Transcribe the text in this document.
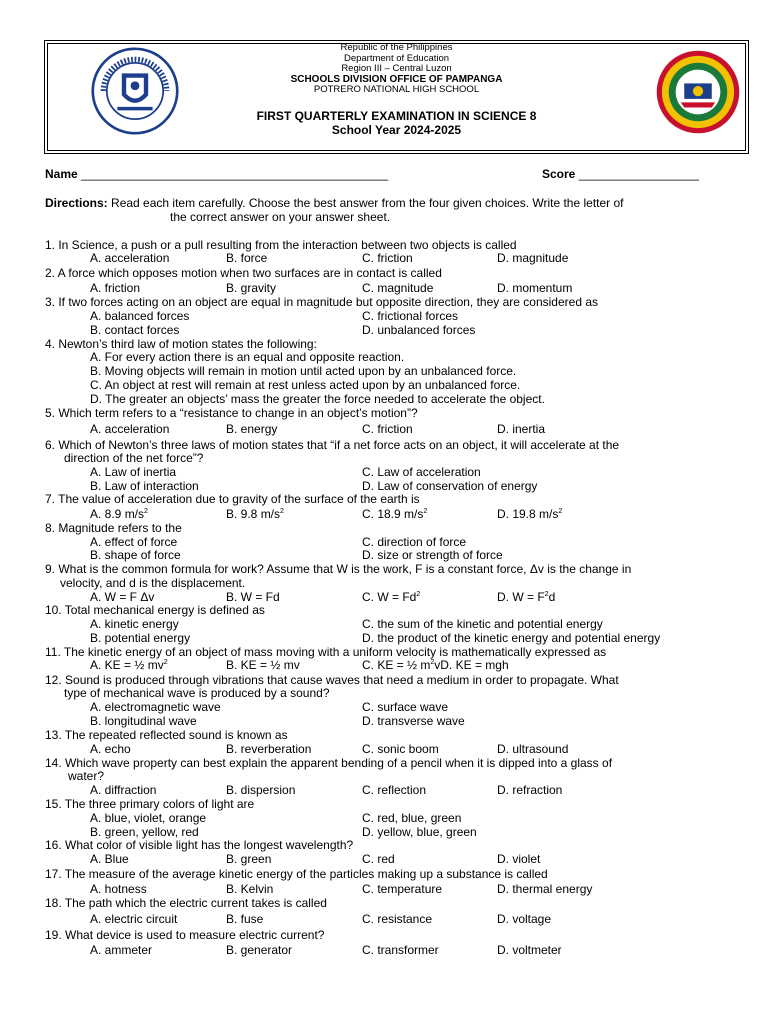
Republic of the Philippines
Department of Education
Region III – Central Luzon
SCHOOLS DIVISION OFFICE OF PAMPANGA
POTRERO NATIONAL HIGH SCHOOL
FIRST QUARTERLY EXAMINATION IN SCIENCE 8
School Year 2024-2025
Name ______________________________________________	Score __________________
Directions: Read each item carefully. Choose the best answer from the four given choices. Write the letter of
the correct answer on your answer sheet.
1. In Science, a push or a pull resulting from the interaction between two objects is called
A. acceleration	B. force	C. friction	D. magnitude
2. A force which opposes motion when two surfaces are in contact is called
A. friction	B. gravity	C. magnitude	D. momentum
3. If two forces acting on an object are equal in magnitude but opposite direction, they are considered as
A. balanced forces	C. frictional forces
B. contact forces	D. unbalanced forces
4. Newton’s third law of motion states the following:
A. For every action there is an equal and opposite reaction.
B. Moving objects will remain in motion until acted upon by an unbalanced force.
C. An object at rest will remain at rest unless acted upon by an unbalanced force.
D. The greater an objects’ mass the greater the force needed to accelerate the object.
5. Which term refers to a “resistance to change in an object’s motion”?
A. acceleration	B. energy	C. friction	D. inertia
6. Which of Newton’s three laws of motion states that “if a net force acts on an object, it will accelerate at the
direction of the net force”?
A. Law of inertia	C. Law of acceleration
B. Law of interaction	D. Law of conservation of energy
7. The value of acceleration due to gravity of the surface of the earth is
A. 8.9 $m/s^2$	B. 9.8 $m/s^2$	C. 18.9 $m/s^2$	D. 19.8 $m/s^2$
8. Magnitude refers to the
A. effect of force	C. direction of force
B. shape of force	D. size or strength of force
9. What is the common formula for work? Assume that W is the work, F is a constant force, Δv is the change in
velocity, and d is the displacement.
A. W = F Δv	B. W = Fd	C. $W = Fd^2$	D. $W = F^2d$
10. Total mechanical energy is defined as
A. kinetic energy	C. the sum of the kinetic and potential energy
B. potential energy	D. the product of the kinetic energy and potential energy
11. The kinetic energy of an object of mass moving with a uniform velocity is mathematically expressed as
A. KE = ½ $mv^2$	B. KE = ½ mv	C. KE = ½ $m^2vD$. KE = mgh
12. Sound is produced through vibrations that cause waves that need a medium in order to propagate. What
type of mechanical wave is produced by a sound?
A. electromagnetic wave	C. surface wave
B. longitudinal wave	D. transverse wave
13. The repeated reflected sound is known as
A. echo	B. reverberation	C. sonic boom	D. ultrasound
14. Which wave property can best explain the apparent bending of a pencil when it is dipped into a glass of
water?
A. diffraction	B. dispersion	C. reflection	D. refraction
15. The three primary colors of light are
A. blue, violet, orange	C. red, blue, green
B. green, yellow, red	D. yellow, blue, green
16. What color of visible light has the longest wavelength?
A. Blue	B. green	C. red	D. violet
17. The measure of the average kinetic energy of the particles making up a substance is called
A. hotness	B. Kelvin	C. temperature	D. thermal energy
18. The path which the electric current takes is called
A. electric circuit	B. fuse	C. resistance	D. voltage
19. What device is used to measure electric current?
A. ammeter	B. generator	C. transformer	D. voltmeter
